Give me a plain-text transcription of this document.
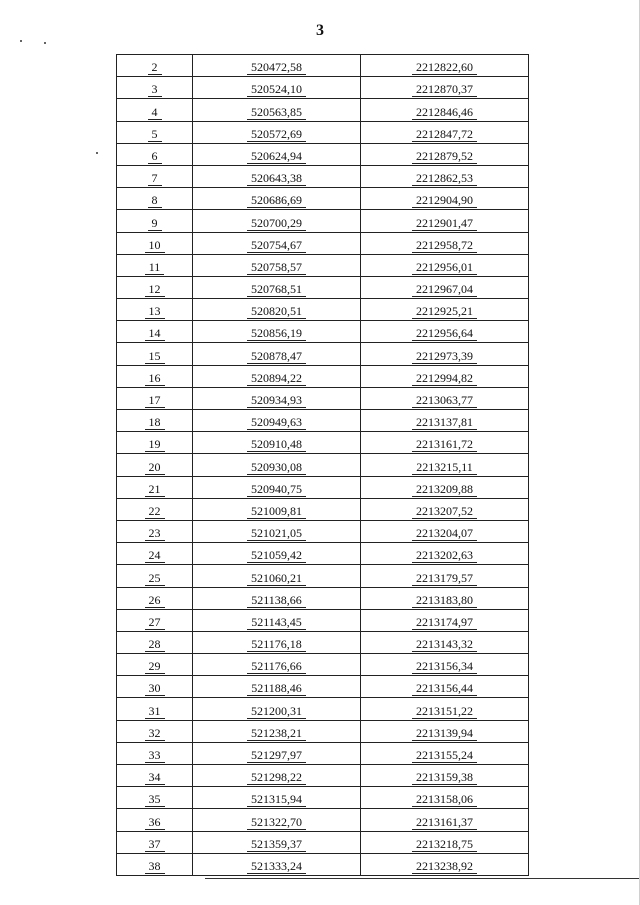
3
2	520472,58	2212822,60
3	520524,10	2212870,37
4	520563,85	2212846,46
5	520572,69	2212847,72
6	520624,94	2212879,52
7	520643,38	2212862,53
8	520686,69	2212904,90
9	520700,29	2212901,47
10	520754,67	2212958,72
11	520758,57	2212956,01
12	520768,51	2212967,04
13	520820,51	2212925,21
14	520856,19	2212956,64
15	520878,47	2212973,39
16	520894,22	2212994,82
17	520934,93	2213063,77
18	520949,63	2213137,81
19	520910,48	2213161,72
20	520930,08	2213215,11
21	520940,75	2213209,88
22	521009,81	2213207,52
23	521021,05	2213204,07
24	521059,42	2213202,63
25	521060,21	2213179,57
26	521138,66	2213183,80
27	521143,45	2213174,97
28	521176,18	2213143,32
29	521176,66	2213156,34
30	521188,46	2213156,44
31	521200,31	2213151,22
32	521238,21	2213139,94
33	521297,97	2213155,24
34	521298,22	2213159,38
35	521315,94	2213158,06
36	521322,70	2213161,37
37	521359,37	2213218,75
38	521333,24	2213238,92
